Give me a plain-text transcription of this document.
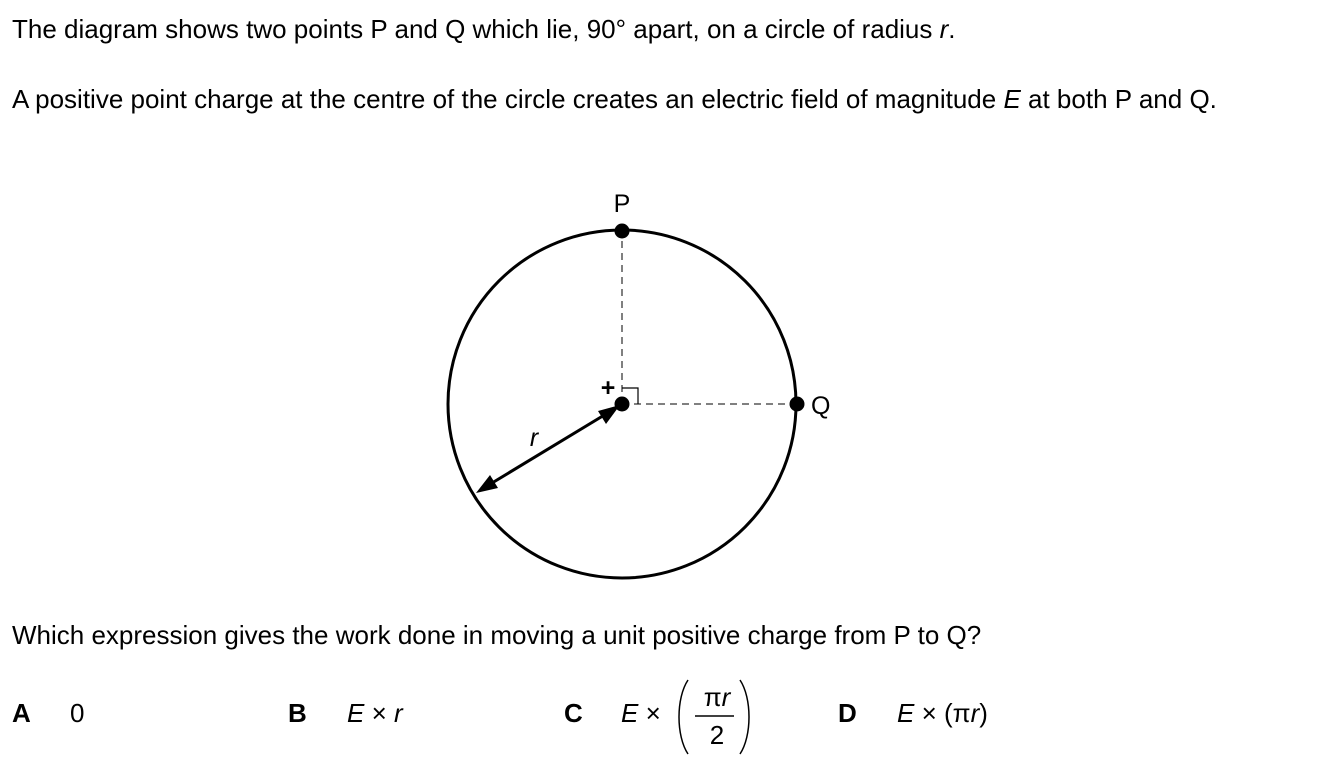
The diagram shows two points P and Q which lie, 90° apart, on a circle of radius r.
A positive point charge at the centre of the circle creates an electric field of magnitude E at both P and Q.
P
Q
+
r
Which expression gives the work done in moving a unit positive charge from P to Q?
A 0	B E × r	C E ×
πr
2
D E × (πr)
